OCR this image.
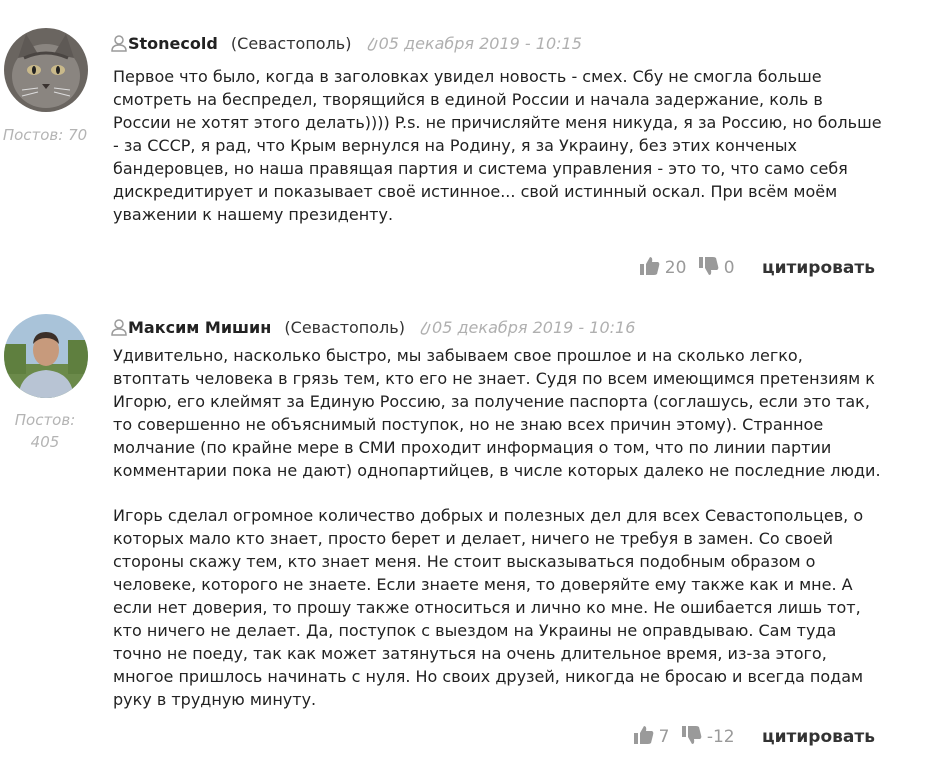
Постов: 70
Stonecold (Севастополь) 05 декабря 2019 - 10:15

Первое что было, когда в заголовках увидел новость - смех. Сбу не смогла больше смотреть на беспредел, творящийся в единой России и начала задержание, коль в России не хотят этого делать)))) P.s. не причисляйте меня никуда, я за Россию, но больше - за СССР, я рад, что Крым вернулся на Родину, я за Украину, без этих конченых бандеровцев, но наша правящая партия и система управления - это то, что само себя дискредитирует и показывает своё истинное... свой истинный оскал. При всём моём уважении к нашему президенту.

20 0 цитировать
Постов:
405
Максим Мишин (Севастополь) 05 декабря 2019 - 10:16

Удивительно, насколько быстро, мы забываем свое прошлое и на сколько легко, втоптать человека в грязь тем, кто его не знает. Судя по всем имеющимся претензиям к Игорю, его клеймят за Единую Россию, за получение паспорта (соглашусь, если это так, то совершенно не объяснимый поступок, но не знаю всех причин этому). Странное молчание (по крайне мере в СМИ проходит информация о том, что по линии партии комментарии пока не дают) однопартийцев, в числе которых далеко не последние люди.

Игорь сделал огромное количество добрых и полезных дел для всех Севастопольцев, о которых мало кто знает, просто берет и делает, ничего не требуя в замен. Со своей стороны скажу тем, кто знает меня. Не стоит высказываться подобным образом о человеке, которого не знаете. Если знаете меня, то доверяйте ему также как и мне. А если нет доверия, то прошу также относиться и лично ко мне. Не ошибается лишь тот, кто ничего не делает. Да, поступок с выездом на Украины не оправдываю. Сам туда точно не поеду, так как может затянуться на очень длительное время, из-за этого, многое пришлось начинать с нуля. Но своих друзей, никогда не бросаю и всегда подам руку в трудную минуту.

7 -12 цитировать
